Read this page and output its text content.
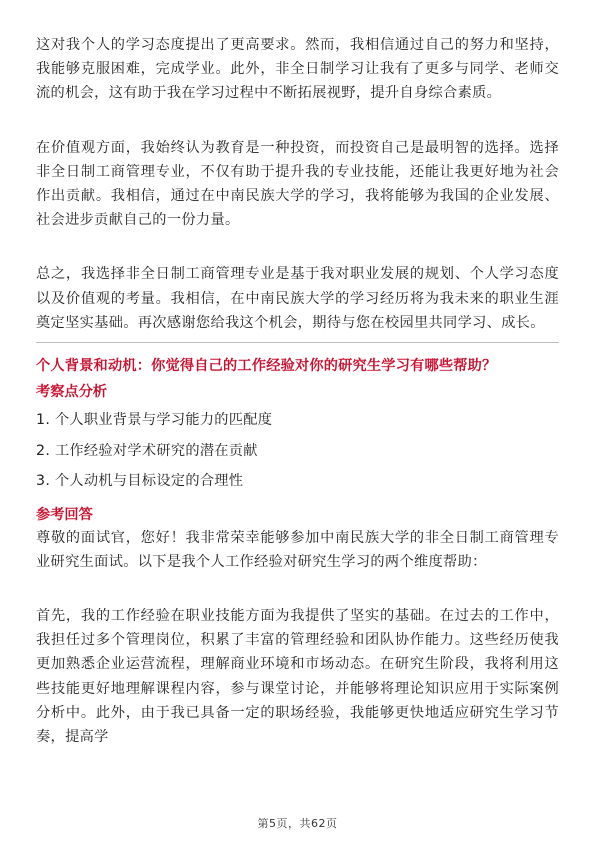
这对我个人的学习态度提出了更高要求。然而，我相信通过自己的努力和坚持，我能够克服困难，完成学业。此外，非全日制学习让我有了更多与同学、老师交流的机会，这有助于我在学习过程中不断拓展视野，提升自身综合素质。

在价值观方面，我始终认为教育是一种投资，而投资自己是最明智的选择。选择非全日制工商管理专业，不仅有助于提升我的专业技能，还能让我更好地为社会作出贡献。我相信，通过在中南民族大学的学习，我将能够为我国的企业发展、社会进步贡献自己的一份力量。

总之，我选择非全日制工商管理专业是基于我对职业发展的规划、个人学习态度以及价值观的考量。我相信，在中南民族大学的学习经历将为我未来的职业生涯奠定坚实基础。再次感谢您给我这个机会，期待与您在校园里共同学习、成长。

个人背景和动机：你觉得自己的工作经验对你的研究生学习有哪些帮助？

考察点分析

1. 个人职业背景与学习能力的匹配度
2. 工作经验对学术研究的潜在贡献
3. 个人动机与目标设定的合理性

参考回答

尊敬的面试官，您好！我非常荣幸能够参加中南民族大学的非全日制工商管理专业研究生面试。以下是我个人工作经验对研究生学习的两个维度帮助：

首先，我的工作经验在职业技能方面为我提供了坚实的基础。在过去的工作中，我担任过多个管理岗位，积累了丰富的管理经验和团队协作能力。这些经历使我更加熟悉企业运营流程，理解商业环境和市场动态。在研究生阶段，我将利用这些技能更好地理解课程内容，参与课堂讨论，并能够将理论知识应用于实际案例分析中。此外，由于我已具备一定的职场经验，我能够更快地适应研究生学习节奏，提高学

第5页，共62页
